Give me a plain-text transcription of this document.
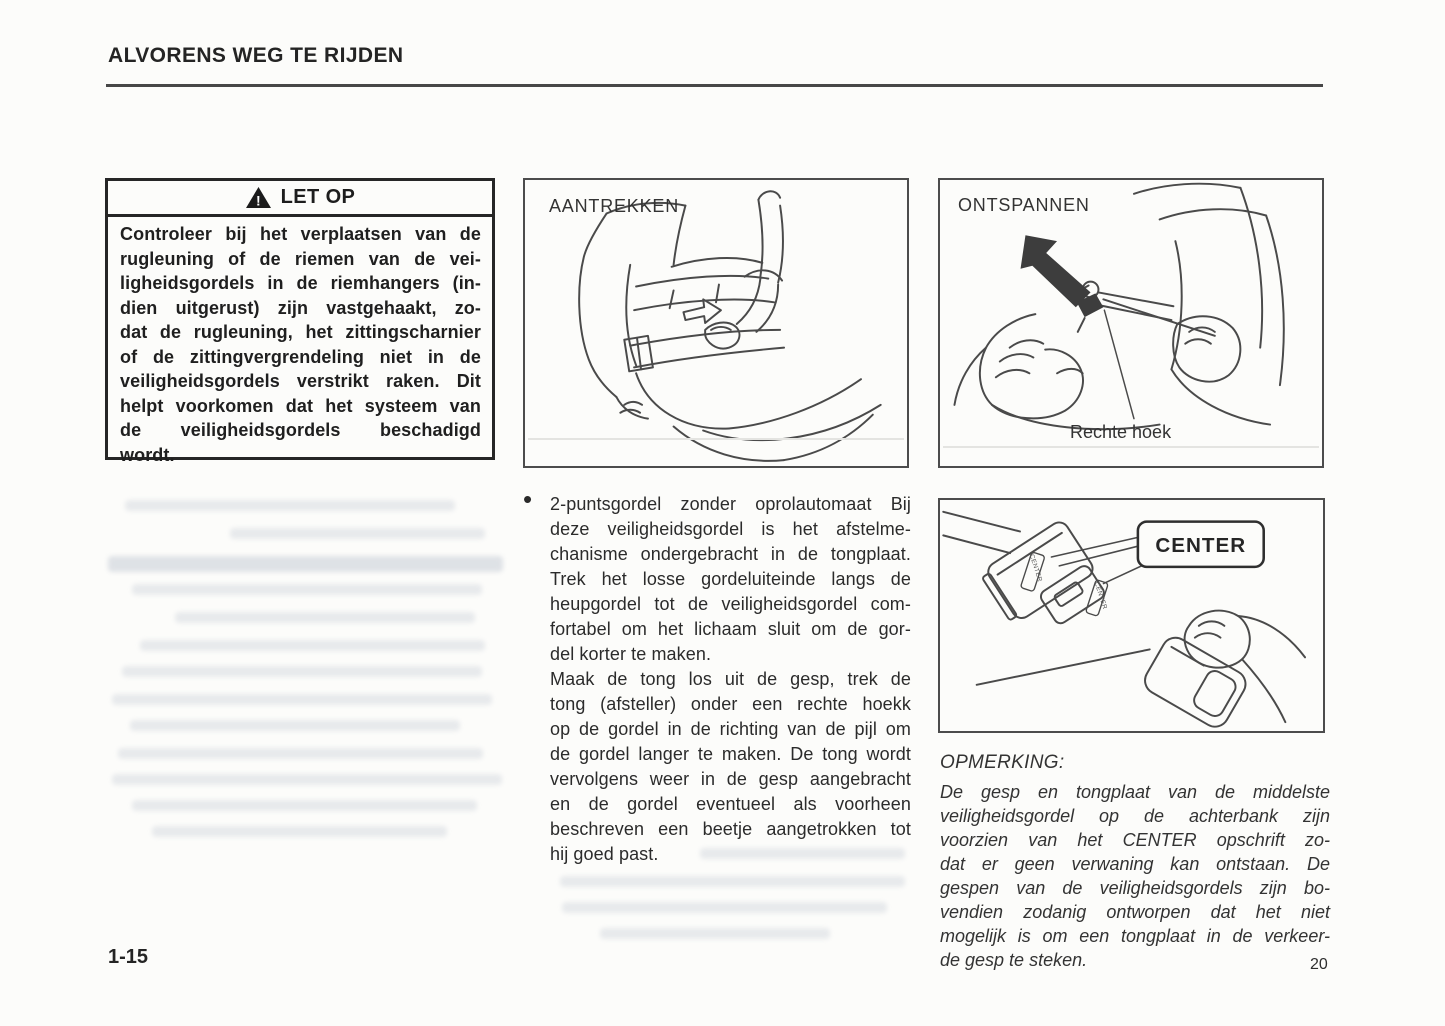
ALVORENS WEG TE RIJDEN
! LET OP
Controleer bij het verplaatsen van de
rugleuning of de riemen van de vei-
ligheidsgordels in de riemhangers (in-
dien uitgerust) zijn vastgehaakt, zo-
dat de rugleuning, het zittingscharnier
of de zittingvergrendeling niet in de
veiligheidsgordels verstrikt raken. Dit
helpt voorkomen dat het systeem van
de veiligheidsgordels beschadigd
wordt.
AANTREKKEN	ONTSPANNEN
Rechte hoek
• 2-puntsgordel zonder oprolautomaat Bij
deze veiligheidsgordel is het afstelme-
chanisme ondergebracht in de tongplaat.
Trek het losse gordeluiteinde langs de
heupgordel tot de veiligheidsgordel com-
fortabel om het lichaam sluit om de gor-
del korter te maken.
Maak de tong los uit de gesp, trek de
tong (afsteller) onder een rechte hoekk
op de gordel in de richting van de pijl om
de gordel langer te maken. De tong wordt
vervolgens weer in de gesp aangebracht
en de gordel eventueel als voorheen
beschreven een beetje aangetrokken tot
hij goed past.
CENTER
CENTER
CENTER
OPMERKING:
De gesp en tongplaat van de middelste
veiligheidsgordel op de achterbank zijn
voorzien van het CENTER opschrift zo-
dat er geen verwaning kan ontstaan. De
gespen van de veiligheidsgordels zijn bo-
vendien zodanig ontworpen dat het niet
mogelijk is om een tongplaat in de verkeer-
de gesp te steken.
1-15	20
